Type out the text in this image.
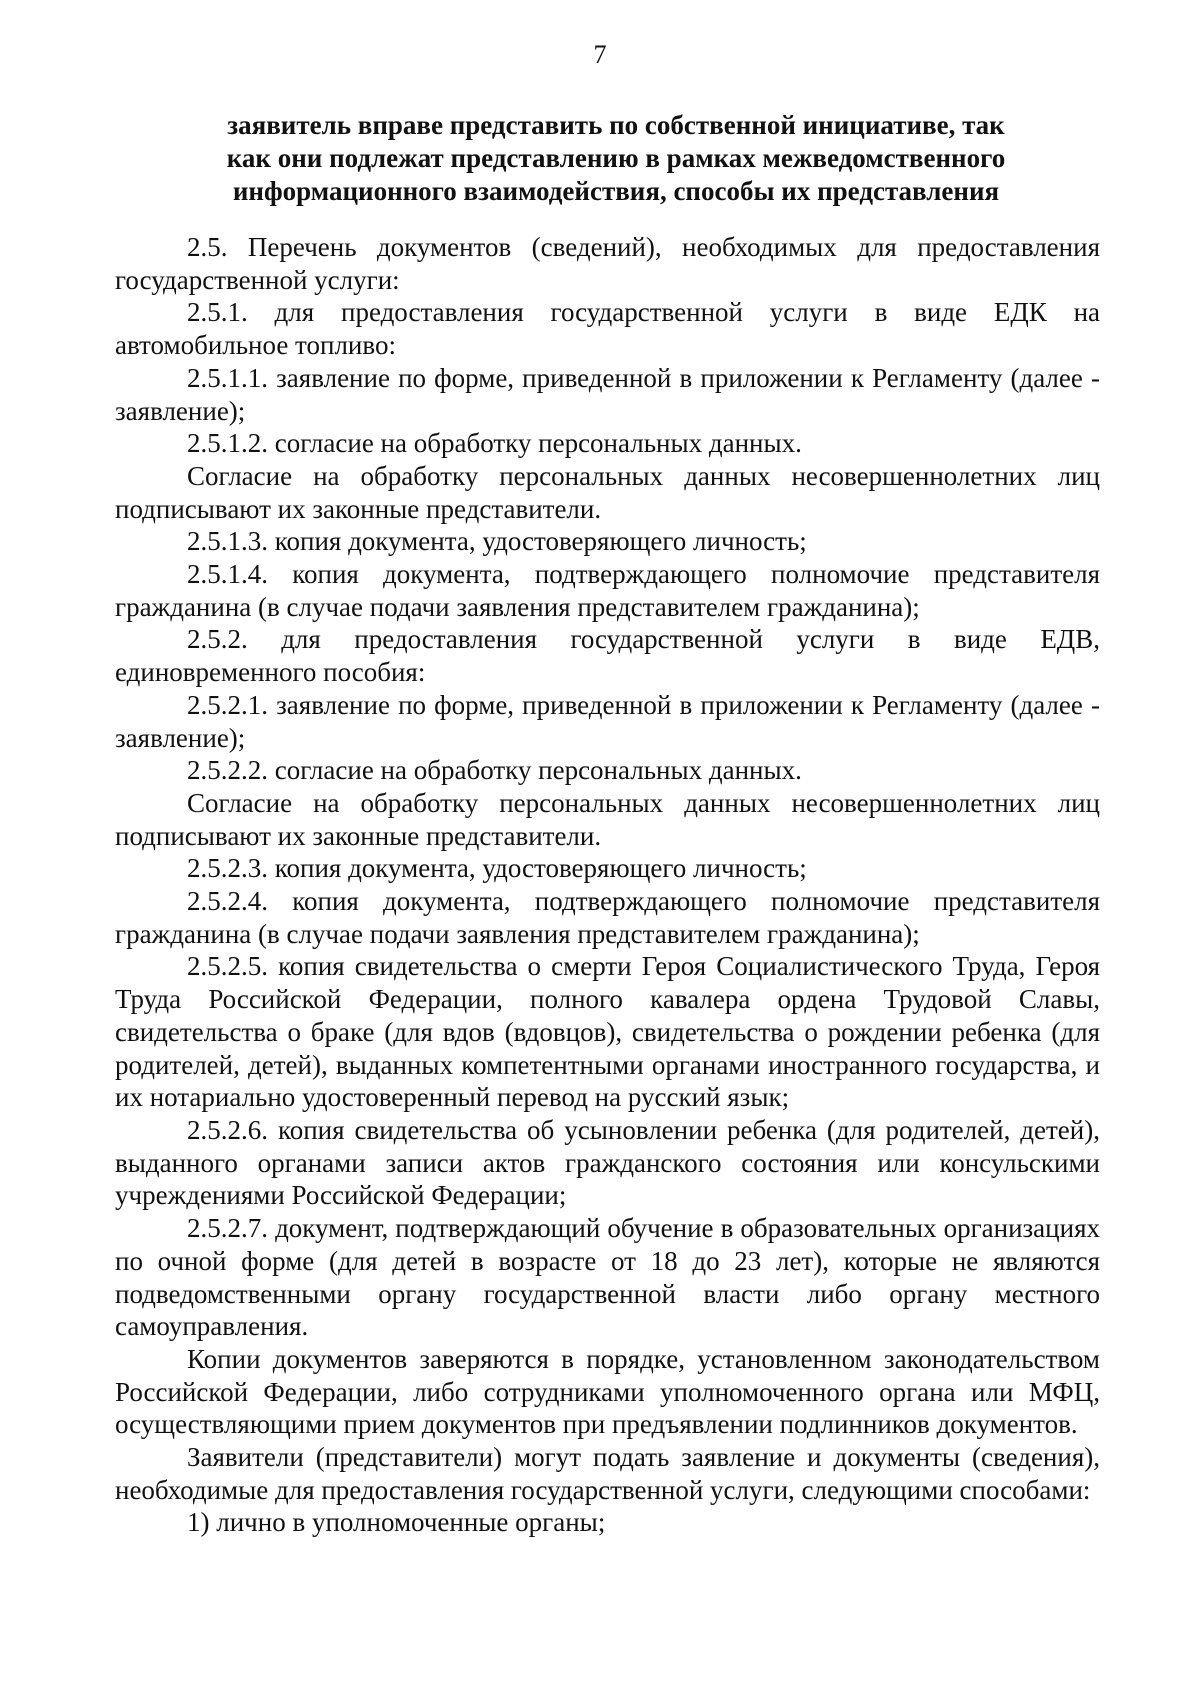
7
заявитель вправе представить по собственной инициативе, так
как они подлежат представлению в рамках межведомственного
информационного взаимодействия, способы их представления

2.5. Перечень документов (сведений), необходимых для предоставления государственной услуги:

2.5.1. для предоставления государственной услуги в виде ЕДК на автомобильное топливо:

2.5.1.1. заявление по форме, приведенной в приложении к Регламенту (далее - заявление);

2.5.1.2. согласие на обработку персональных данных.

Согласие на обработку персональных данных несовершеннолетних лиц подписывают их законные представители.

2.5.1.3. копия документа, удостоверяющего личность;

2.5.1.4. копия документа, подтверждающего полномочие представителя гражданина (в случае подачи заявления представителем гражданина);

2.5.2. для предоставления государственной услуги в виде ЕДВ, единовременного пособия:

2.5.2.1. заявление по форме, приведенной в приложении к Регламенту (далее - заявление);

2.5.2.2. согласие на обработку персональных данных.

Согласие на обработку персональных данных несовершеннолетних лиц подписывают их законные представители.

2.5.2.3. копия документа, удостоверяющего личность;

2.5.2.4. копия документа, подтверждающего полномочие представителя гражданина (в случае подачи заявления представителем гражданина);

2.5.2.5. копия свидетельства о смерти Героя Социалистического Труда, Героя Труда Российской Федерации, полного кавалера ордена Трудовой Славы, свидетельства о браке (для вдов (вдовцов), свидетельства о рождении ребенка (для родителей, детей), выданных компетентными органами иностранного государства, и их нотариально удостоверенный перевод на русский язык;

2.5.2.6. копия свидетельства об усыновлении ребенка (для родителей, детей), выданного органами записи актов гражданского состояния или консульскими учреждениями Российской Федерации;

2.5.2.7. документ, подтверждающий обучение в образовательных организациях по очной форме (для детей в возрасте от 18 до 23 лет), которые не являются подведомственными органу государственной власти либо органу местного самоуправления.

Копии документов заверяются в порядке, установленном законодательством Российской Федерации, либо сотрудниками уполномоченного органа или МФЦ, осуществляющими прием документов при предъявлении подлинников документов.

Заявители (представители) могут подать заявление и документы (сведения), необходимые для предоставления государственной услуги, следующими способами:

1) лично в уполномоченные органы;
